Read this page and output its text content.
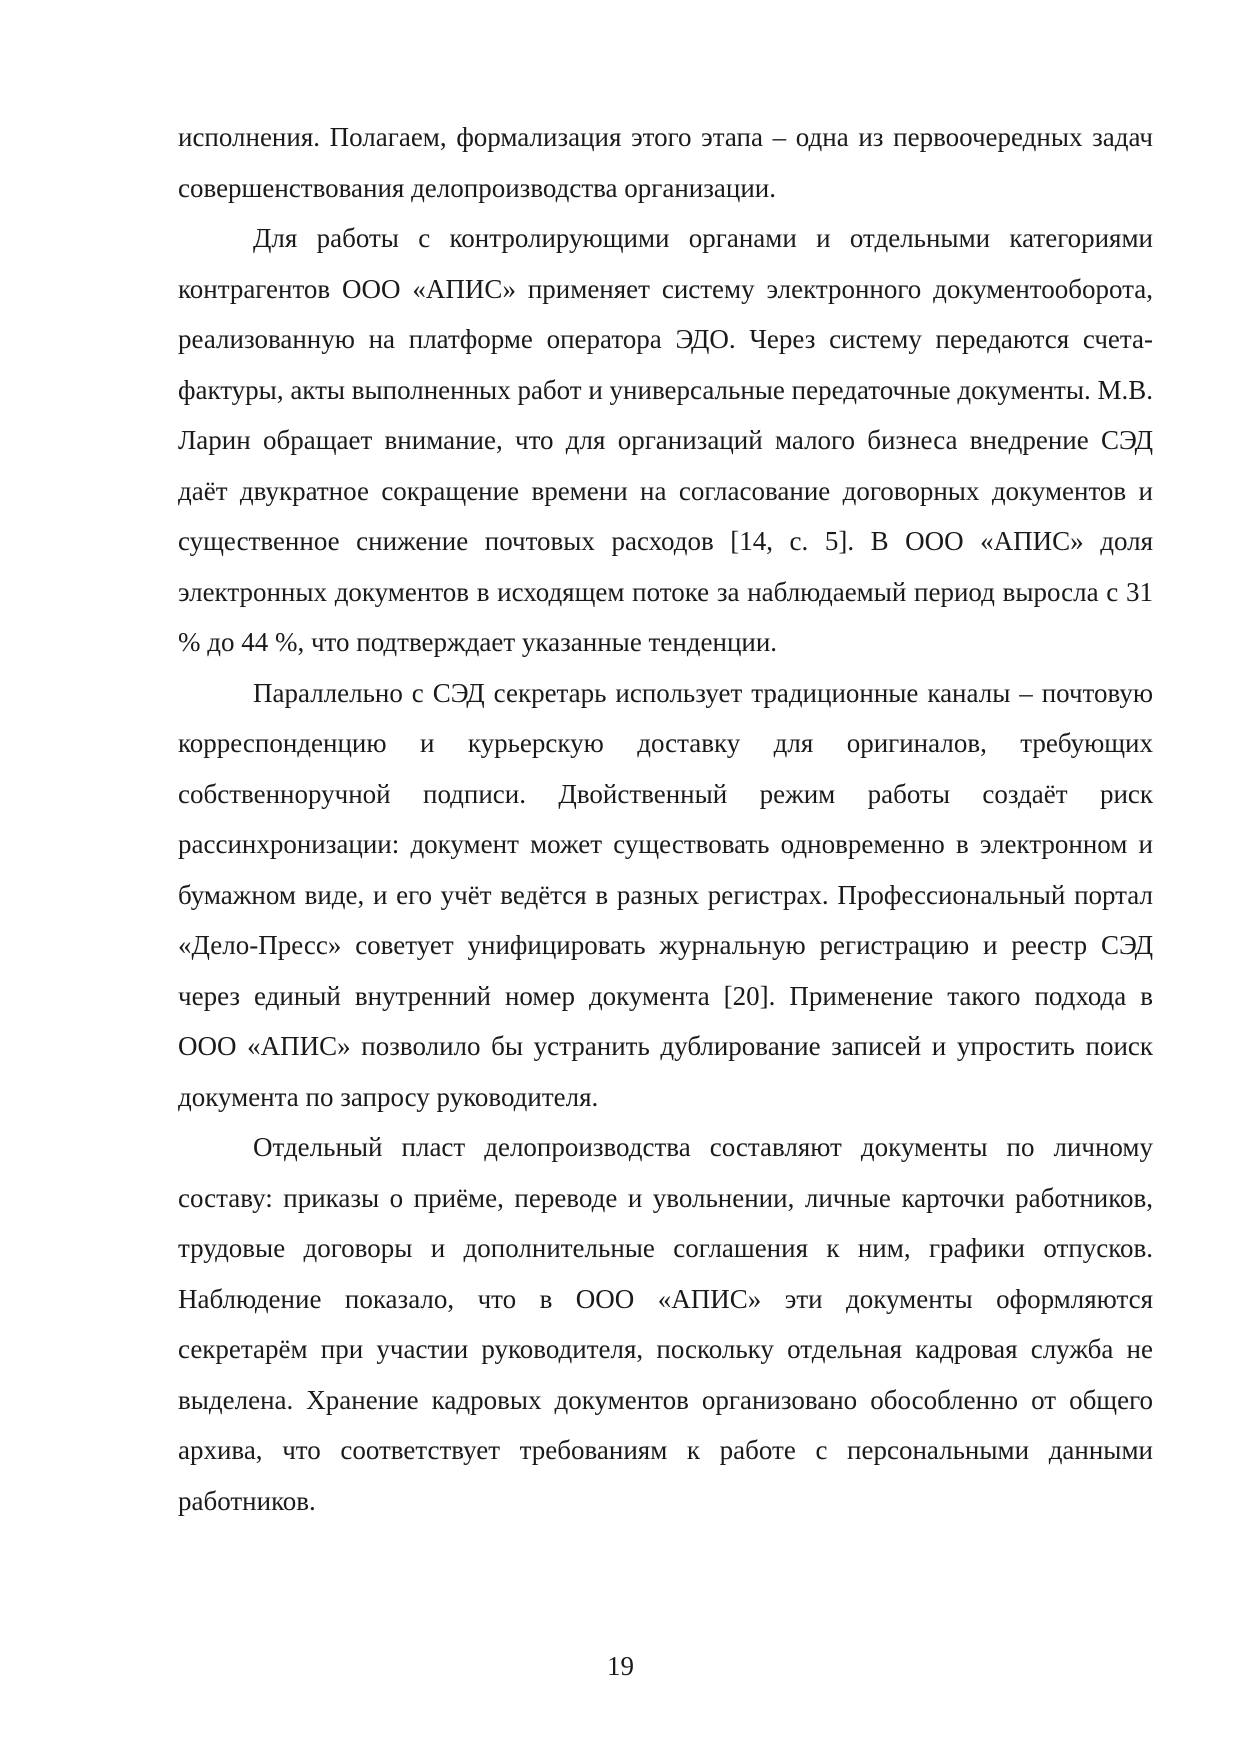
исполнения. Полагаем, формализация этого этапа – одна из первоочередных задач совершенствования делопроизводства организации.

Для работы с контролирующими органами и отдельными категориями контрагентов ООО «АПИС» применяет систему электронного документооборота, реализованную на платформе оператора ЭДО. Через систему передаются счета-фактуры, акты выполненных работ и универсальные передаточные документы. М.В. Ларин обращает внимание, что для организаций малого бизнеса внедрение СЭД даёт двукратное сокращение времени на согласование договорных документов и существенное снижение почтовых расходов [14, с. 5]. В ООО «АПИС» доля электронных документов в исходящем потоке за наблюдаемый период выросла с 31 % до 44 %, что подтверждает указанные тенденции.

Параллельно с СЭД секретарь использует традиционные каналы – почтовую корреспонденцию и курьерскую доставку для оригиналов, требующих собственноручной подписи. Двойственный режим работы создаёт риск рассинхронизации: документ может существовать одновременно в электронном и бумажном виде, и его учёт ведётся в разных регистрах. Профессиональный портал «Дело-Пресс» советует унифицировать журнальную регистрацию и реестр СЭД через единый внутренний номер документа [20]. Применение такого подхода в ООО «АПИС» позволило бы устранить дублирование записей и упростить поиск документа по запросу руководителя.

Отдельный пласт делопроизводства составляют документы по личному составу: приказы о приёме, переводе и увольнении, личные карточки работников, трудовые договоры и дополнительные соглашения к ним, графики отпусков. Наблюдение показало, что в ООО «АПИС» эти документы оформляются секретарём при участии руководителя, поскольку отдельная кадровая служба не выделена. Хранение кадровых документов организовано обособленно от общего архива, что соответствует требованиям к работе с персональными данными работников.

19
